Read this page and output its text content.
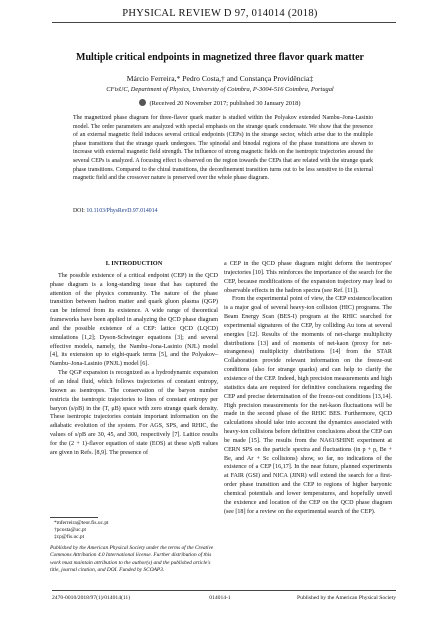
PHYSICAL REVIEW D 97, 014014 (2018)
Multiple critical endpoints in magnetized three flavor quark matter
Márcio Ferreira,* Pedro Costa,† and Constança Providência‡
CFisUC, Department of Physics, University of Coimbra, P-3004-516 Coimbra, Portugal
(Received 20 November 2017; published 30 January 2018)
The magnetized phase diagram for three-flavor quark matter is studied within the Polyakov extended Nambu–Jona-Lasinio model. The order parameters are analyzed with special emphasis on the strange quark condensate. We show that the presence of an external magnetic field induces several critical endpoints (CEPs) in the strange sector, which arise due to the multiple phase transitions that the strange quark undergoes. The spinodal and binodal regions of the phase transitions are shown to increase with external magnetic field strength. The influence of strong magnetic fields on the isentropic trajectories around the several CEPs is analyzed. A focusing effect is observed on the region towards the CEPs that are related with the strange quark phase transitions. Compared to the chiral transitions, the deconfinement transition turns out to be less sensitive to the external magnetic field and the crossover nature is preserved over the whole phase diagram.
DOI: 10.1103/PhysRevD.97.014014
I. INTRODUCTION

The possible existence of a critical endpoint (CEP) in the QCD phase diagram is a long-standing issue that has captured the attention of the physics community. The nature of the phase transition between hadron matter and quark gluon plasma (QGP) can be inferred from its existence. A wide range of theoretical frameworks have been applied in analyzing the QCD phase diagram and the possible existence of a CEP: lattice QCD (LQCD) simulations [1,2]; Dyson-Schwinger equations [3]; and several effective models, namely, the Nambu–Jona-Lasinio (NJL) model [4], its extension up to eight-quark terms [5], and the Polyakov–Nambu–Jona-Lasinio (PNJL) model [6].

The QGP expansion is recognized as a hydrodynamic expansion of an ideal fluid, which follows trajectories of constant entropy, known as isentropes. The conservation of the baryon number restricts the isentropic trajectories to lines of constant entropy per baryon (s/ρB) in the (T, μB) space with zero strange quark density. These isentropic trajectories contain important information on the adiabatic evolution of the system. For AGS, SPS, and RHIC, the values of s/ρB are 30, 45, and 300, respectively [7]. Lattice results for the (2 + 1)-flavor equation of state (EOS) at these s/ρB values are given in Refs. [8,9]. The presence of

a CEP in the QCD phase diagram might deform the isentropes' trajectories [10]. This reinforces the importance of the search for the CEP, because modifications of the expansion trajectory may lead to observable effects in the hadron spectra (see Ref. [11]).

From the experimental point of view, the CEP existence/location is a major goal of several heavy-ion collision (HIC) programs. The Beam Energy Scan (BES-I) program at the RHIC searched for experimental signatures of the CEP, by colliding Au ions at several energies [12]. Results of the moments of net-charge multiplicity distributions [13] and of moments of net-kaon (proxy for net-strangeness) multiplicity distributions [14] from the STAR Collaboration provide relevant information on the freeze-out conditions (also for strange quarks) and can help to clarify the existence of the CEP. Indeed, high precision measurements and high statistics data are required for definitive conclusions regarding the CEP and precise determination of the freeze-out conditions [13,14]. High precision measurements for the net-kaon fluctuations will be made in the second phase of the RHIC BES. Furthermore, QCD calculations should take into account the dynamics associated with heavy-ion collisions before definitive conclusions about the CEP can be made [15]. The results from the NA61/SHINE experiment at CERN SPS on the particle spectra and fluctuations (in p + p, Be + Be, and Ar + Sc collisions) show, so far, no indications of the existence of a CEP [16,17]. In the near future, planned experiments at FAIR (GSI) and NICA (JINR) will extend the search for a first-order phase transition and the CEP to regions of higher baryonic chemical potentials and lower temperatures, and hopefully unveil the existence and location of the CEP on the QCD phase diagram (see [18] for a review on the experimental search of the CEP).

*mferreira@teor.fis.uc.pt
†pcosta@uc.pt
‡cp@fis.uc.pt
Published by the American Physical Society under the terms of the Creative Commons Attribution 4.0 International license. Further distribution of this work must maintain attribution to the author(s) and the published article's title, journal citation, and DOI. Funded by SCOAP3.
2470-0010/2018/97(1)/014014(11)	014014-1	Published by the American Physical Society
